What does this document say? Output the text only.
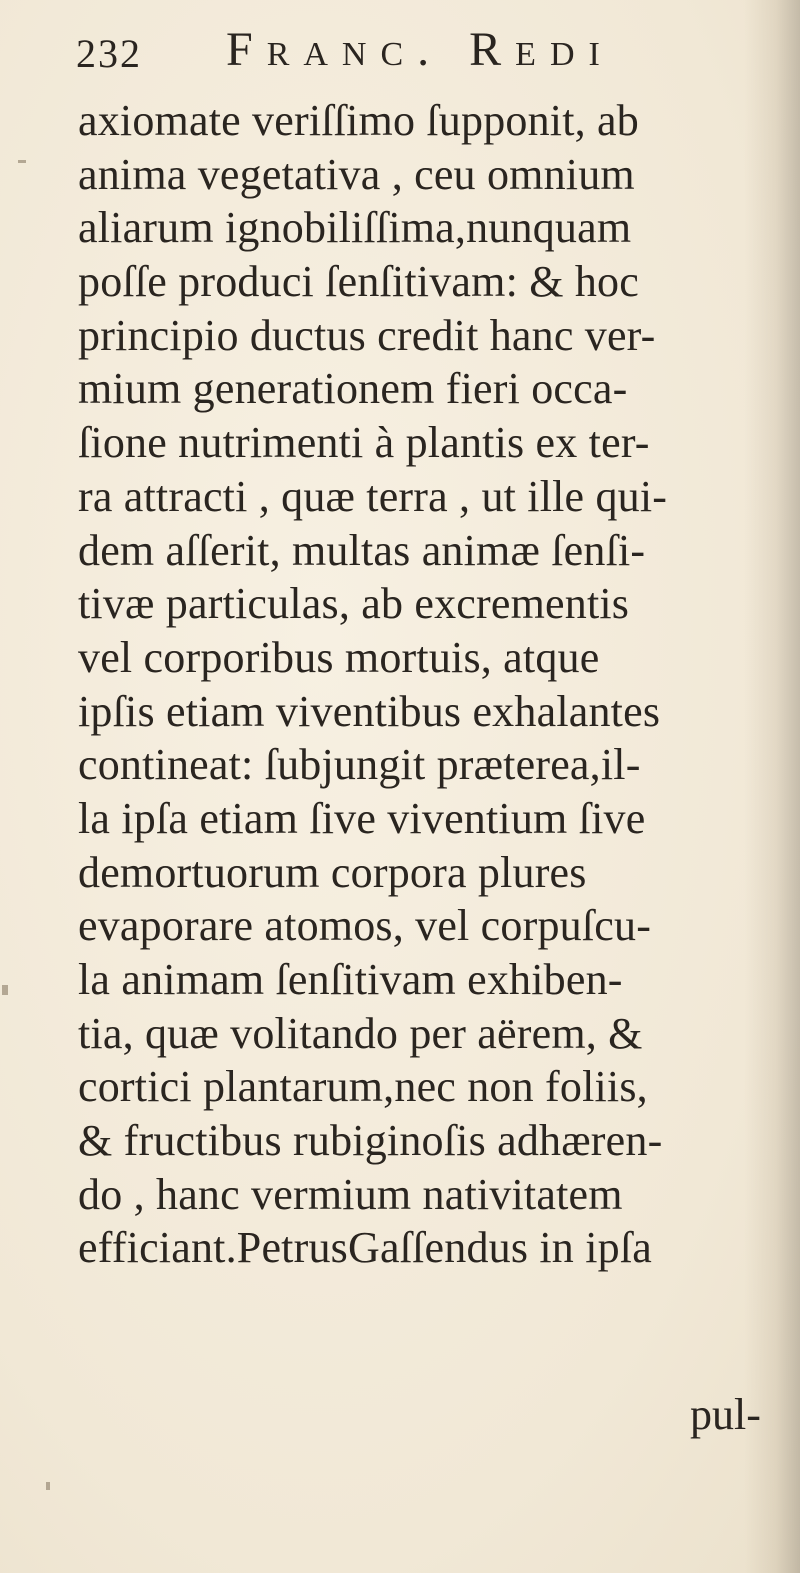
232 Franc. Redi
axiomate veriſſimo ſupponit, ab
anima vegetativa , ceu omnium
aliarum ignobiliſſima,nunquam
poſſe produci ſenſitivam: & hoc
principio ductus credit hanc ver-
mium generationem fieri occa-
ſione nutrimenti à plantis ex ter-
ra attracti , quæ terra , ut ille qui-
dem aſſerit, multas animæ ſenſi-
tivæ particulas, ab excrementis
vel corporibus mortuis, atque
ipſis etiam viventibus exhalantes
contineat: ſubjungit præterea,il-
la ipſa etiam ſive viventium ſive
demortuorum corpora plures
evaporare atomos, vel corpuſcu-
la animam ſenſitivam exhiben-
tia, quæ volitando per aërem, &
cortici plantarum,nec non foliis,
& fructibus rubiginoſis adhæren-
do , hanc vermium nativitatem
efficiant.PetrusGaſſendus in ipſa
pul-
